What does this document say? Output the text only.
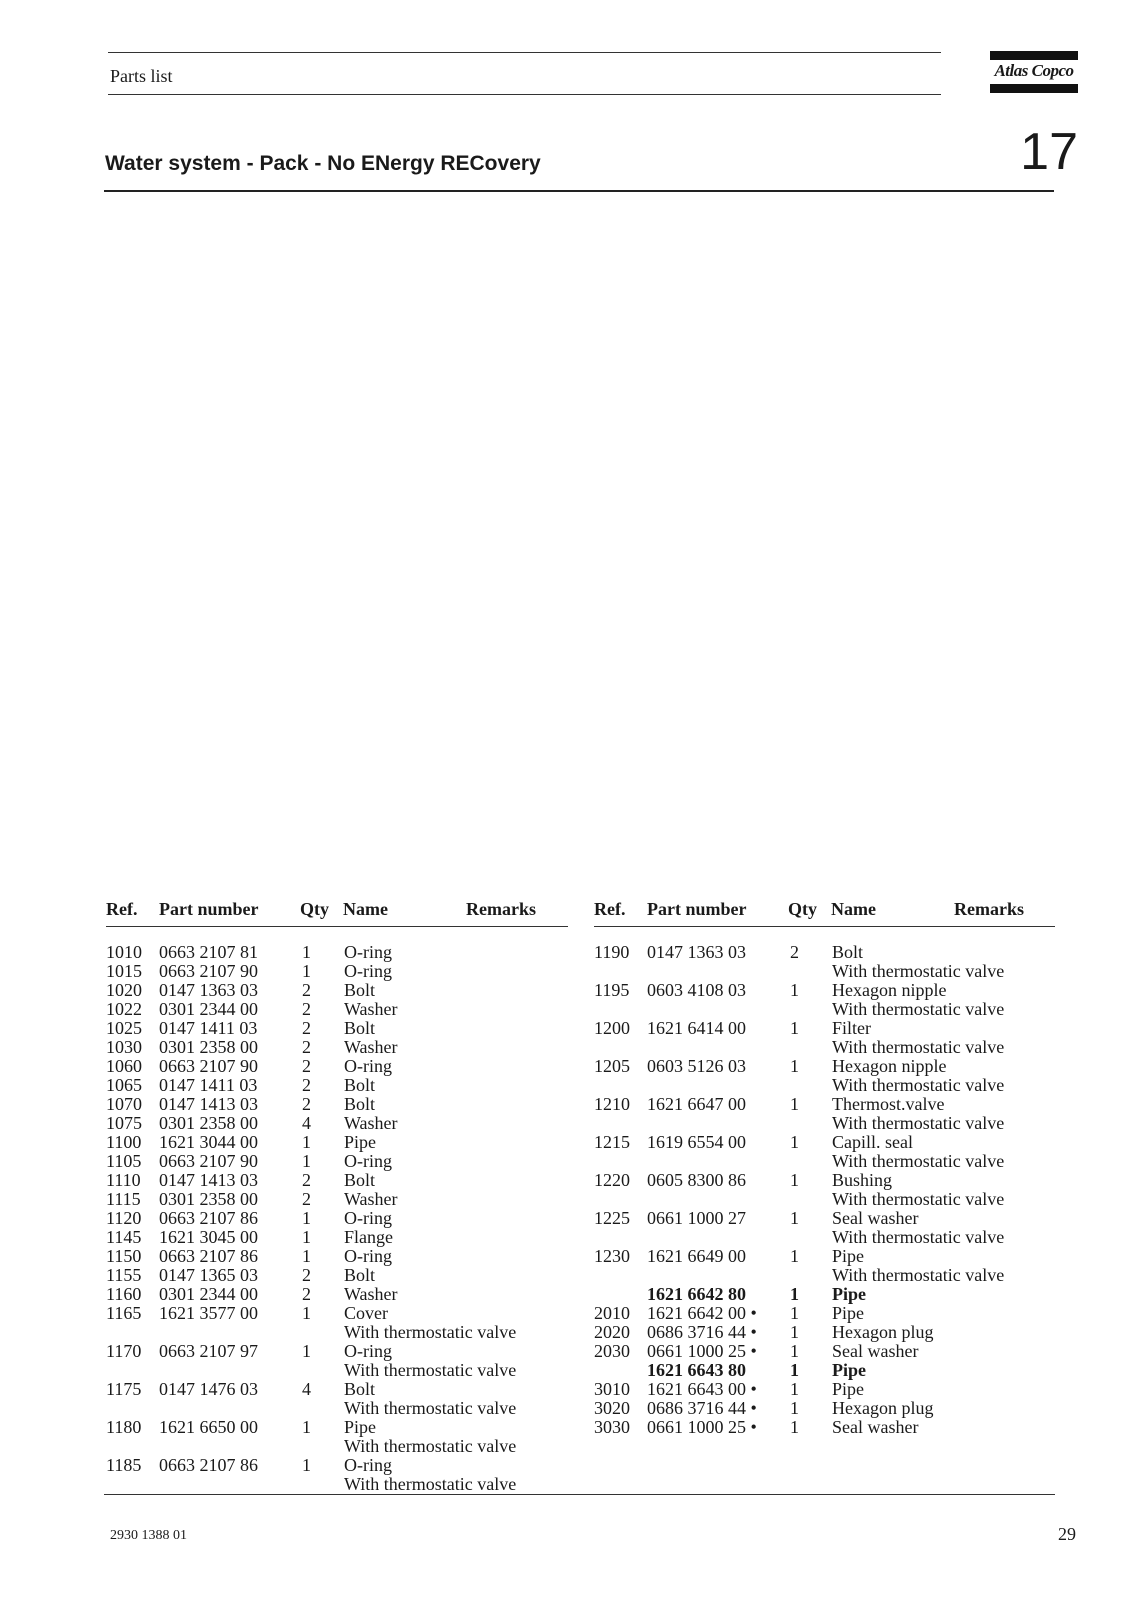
Parts list	Atlas Copco
Water system - Pack - No ENergy RECovery	17
Ref. Part number Qty Name	Remarks
1010 0663 2107 81 1 O-ring
1015 0663 2107 90 1 O-ring
1020 0147 1363 03 2 Bolt
1022 0301 2344 00 2 Washer
1025 0147 1411 03 2 Bolt
1030 0301 2358 00 2 Washer
1060 0663 2107 90 2 O-ring
1065 0147 1411 03 2 Bolt
1070 0147 1413 03 2 Bolt
1075 0301 2358 00 4 Washer
1100 1621 3044 00 1 Pipe
1105 0663 2107 90 1 O-ring
1110 0147 1413 03 2 Bolt
1115 0301 2358 00 2 Washer
1120 0663 2107 86 1 O-ring
1145 1621 3045 00 1 Flange
1150 0663 2107 86 1 O-ring
1155 0147 1365 03 2 Bolt
1160 0301 2344 00 2 Washer
1165 1621 3577 00 1 Cover
With thermostatic valve
1170 0663 2107 97 1 O-ring
With thermostatic valve
1175 0147 1476 03 4 Bolt
With thermostatic valve
1180 1621 6650 00 1 Pipe
With thermostatic valve
1185 0663 2107 86 1 O-ring
With thermostatic valve
Ref. Part number Qty Name	Remarks
1190 0147 1363 03 2 Bolt
With thermostatic valve
1195 0603 4108 03 1 Hexagon nipple
With thermostatic valve
1200 1621 6414 00 1 Filter
With thermostatic valve
1205 0603 5126 03 1 Hexagon nipple
With thermostatic valve
1210 1621 6647 00 1 Thermost.valve
With thermostatic valve
1215 1619 6554 00 1 Capill. seal
With thermostatic valve
1220 0605 8300 86 1 Bushing
With thermostatic valve
1225 0661 1000 27 1 Seal washer
With thermostatic valve
1230 1621 6649 00 1 Pipe
With thermostatic valve
1621 6642 80 1 Pipe
2010 1621 6642 00 • 1 Pipe
2020 0686 3716 44 • 1 Hexagon plug
2030 0661 1000 25 • 1 Seal washer
1621 6643 80 1 Pipe
3010 1621 6643 00 • 1 Pipe
3020 0686 3716 44 • 1 Hexagon plug
3030 0661 1000 25 • 1 Seal washer
2930 1388 01	29
